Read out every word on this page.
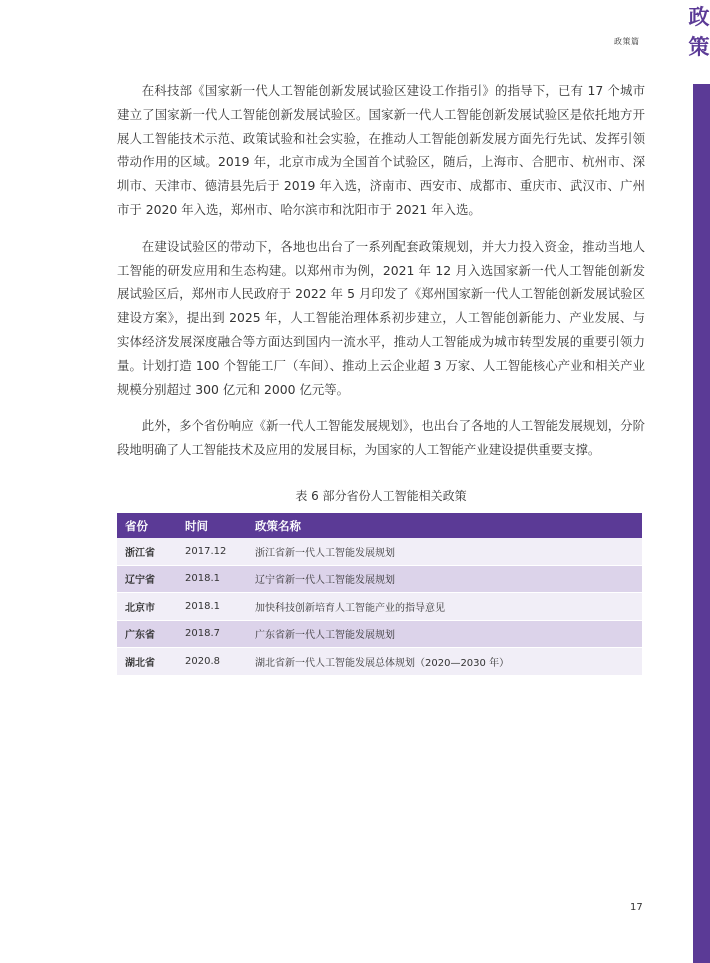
政策
政策篇

在科技部《国家新一代人工智能创新发展试验区建设工作指引》的指导下，已有 17 个城市建立了国家新一代人工智能创新发展试验区。国家新一代人工智能创新发展试验区是依托地方开展人工智能技术示范、政策试验和社会实验，在推动人工智能创新发展方面先行先试、发挥引领带动作用的区域。2019 年，北京市成为全国首个试验区，随后，上海市、合肥市、杭州市、深圳市、天津市、德清县先后于 2019 年入选，济南市、西安市、成都市、重庆市、武汉市、广州市于 2020 年入选，郑州市、哈尔滨市和沈阳市于 2021 年入选。

在建设试验区的带动下，各地也出台了一系列配套政策规划，并大力投入资金，推动当地人工智能的研发应用和生态构建。以郑州市为例，2021 年 12 月入选国家新一代人工智能创新发展试验区后，郑州市人民政府于 2022 年 5 月印发了《郑州国家新一代人工智能创新发展试验区建设方案》，提出到 2025 年，人工智能治理体系初步建立，人工智能创新能力、产业发展、与实体经济发展深度融合等方面达到国内一流水平，推动人工智能成为城市转型发展的重要引领力量。计划打造 100 个智能工厂（车间）、推动上云企业超 3 万家、人工智能核心产业和相关产业规模分别超过 300 亿元和 2000 亿元等。

此外，多个省份响应《新一代人工智能发展规划》，也出台了各地的人工智能发展规划，分阶段地明确了人工智能技术及应用的发展目标，为国家的人工智能产业建设提供重要支撑。

表 6 部分省份人工智能相关政策
省份	时间	政策名称
浙江省	2017.12	浙江省新一代人工智能发展规划
辽宁省	2018.1	辽宁省新一代人工智能发展规划
北京市	2018.1	加快科技创新培育人工智能产业的指导意见
广东省	2018.7	广东省新一代人工智能发展规划
湖北省	2020.8	湖北省新一代人工智能发展总体规划（2020—2030 年）
17
